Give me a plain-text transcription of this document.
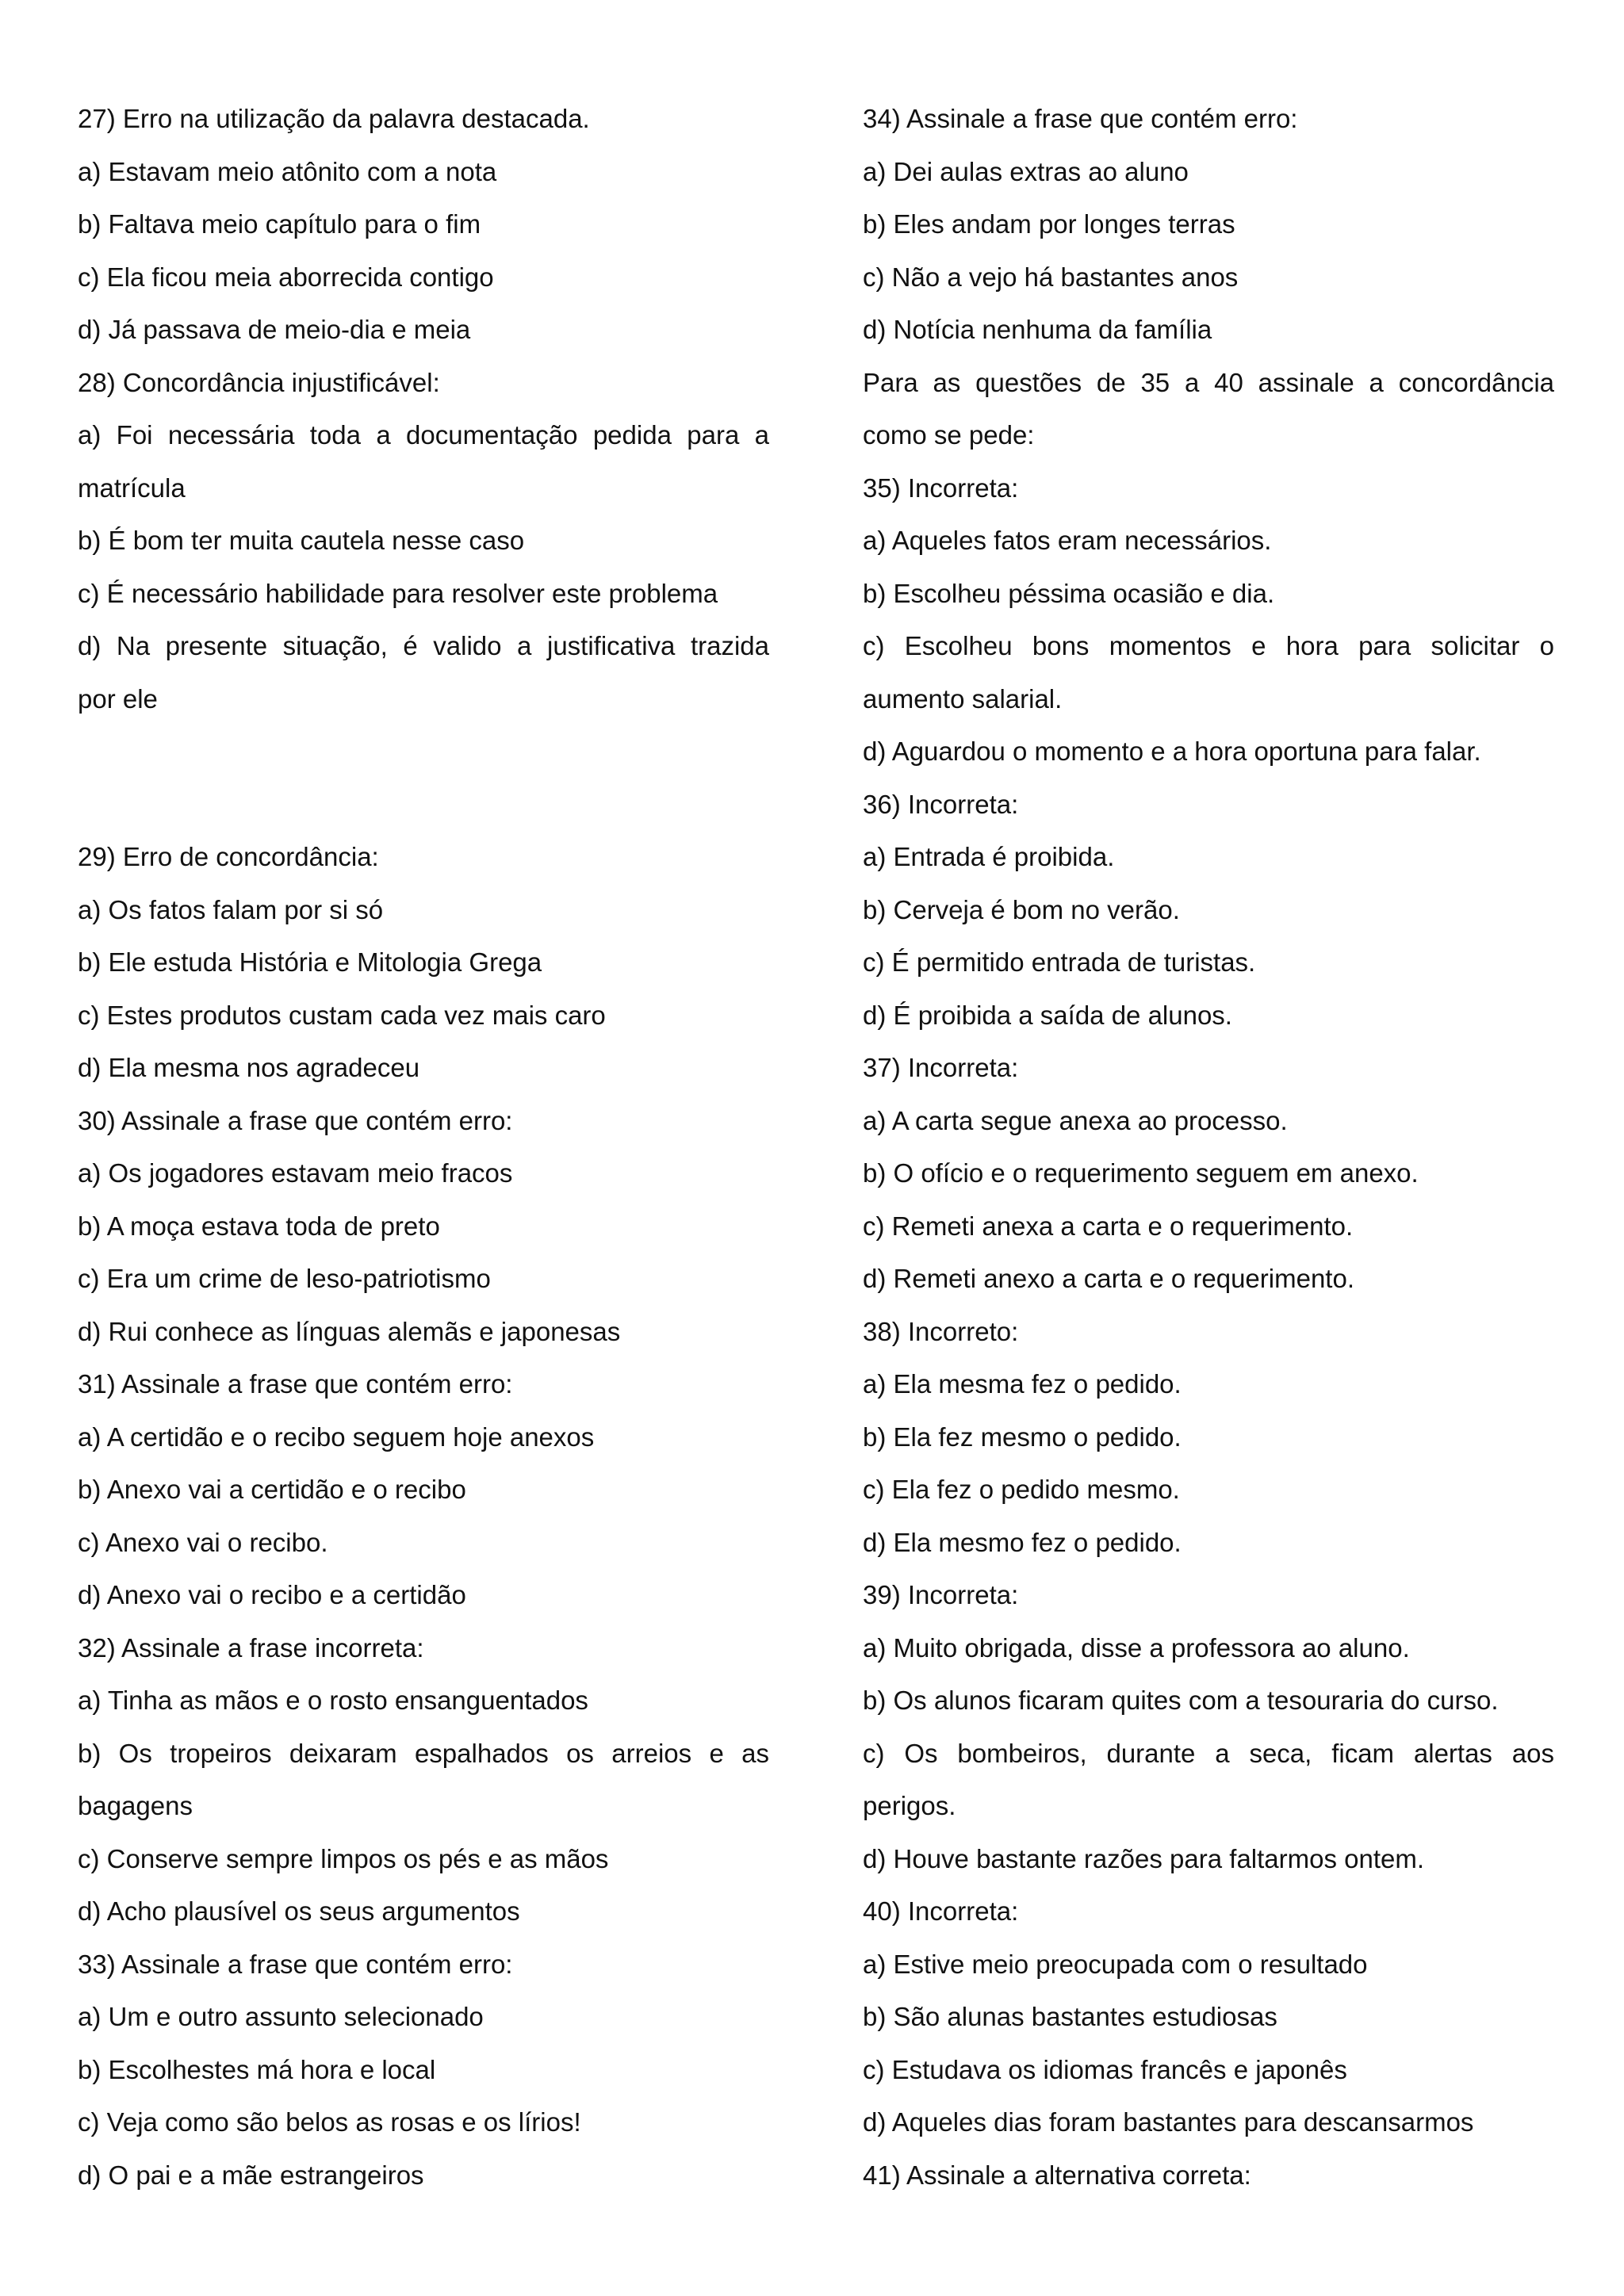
27) Erro na utilização da palavra destacada.
a) Estavam meio atônito com a nota
b) Faltava meio capítulo para o fim
c) Ela ficou meia aborrecida contigo
d) Já passava de meio-dia e meia
28) Concordância injustificável:
a) Foi necessária toda a documentação pedida para a
matrícula
b) É bom ter muita cautela nesse caso
c) É necessário habilidade para resolver este problema
d) Na presente situação, é valido a justificativa trazida
por ele
29) Erro de concordância:
a) Os fatos falam por si só
b) Ele estuda História e Mitologia Grega
c) Estes produtos custam cada vez mais caro
d) Ela mesma nos agradeceu
30) Assinale a frase que contém erro:
a) Os jogadores estavam meio fracos
b) A moça estava toda de preto
c) Era um crime de leso-patriotismo
d) Rui conhece as línguas alemãs e japonesas
31) Assinale a frase que contém erro:
a) A certidão e o recibo seguem hoje anexos
b) Anexo vai a certidão e o recibo
c) Anexo vai o recibo.
d) Anexo vai o recibo e a certidão
32) Assinale a frase incorreta:
a) Tinha as mãos e o rosto ensanguentados
b) Os tropeiros deixaram espalhados os arreios e as
bagagens
c) Conserve sempre limpos os pés e as mãos
d) Acho plausível os seus argumentos
33) Assinale a frase que contém erro:
a) Um e outro assunto selecionado
b) Escolhestes má hora e local
c) Veja como são belos as rosas e os lírios!
d) O pai e a mãe estrangeiros
34) Assinale a frase que contém erro:
a) Dei aulas extras ao aluno
b) Eles andam por longes terras
c) Não a vejo há bastantes anos
d) Notícia nenhuma da família
Para as questões de 35 a 40 assinale a concordância
como se pede:
35) Incorreta:
a) Aqueles fatos eram necessários.
b) Escolheu péssima ocasião e dia.
c) Escolheu bons momentos e hora para solicitar o
aumento salarial.
d) Aguardou o momento e a hora oportuna para falar.
36) Incorreta:
a) Entrada é proibida.
b) Cerveja é bom no verão.
c) É permitido entrada de turistas.
d) É proibida a saída de alunos.
37) Incorreta:
a) A carta segue anexa ao processo.
b) O ofício e o requerimento seguem em anexo.
c) Remeti anexa a carta e o requerimento.
d) Remeti anexo a carta e o requerimento.
38) Incorreto:
a) Ela mesma fez o pedido.
b) Ela fez mesmo o pedido.
c) Ela fez o pedido mesmo.
d) Ela mesmo fez o pedido.
39) Incorreta:
a) Muito obrigada, disse a professora ao aluno.
b) Os alunos ficaram quites com a tesouraria do curso.
c) Os bombeiros, durante a seca, ficam alertas aos
perigos.
d) Houve bastante razões para faltarmos ontem.
40) Incorreta:
a) Estive meio preocupada com o resultado
b) São alunas bastantes estudiosas
c) Estudava os idiomas francês e japonês
d) Aqueles dias foram bastantes para descansarmos
41) Assinale a alternativa correta:
